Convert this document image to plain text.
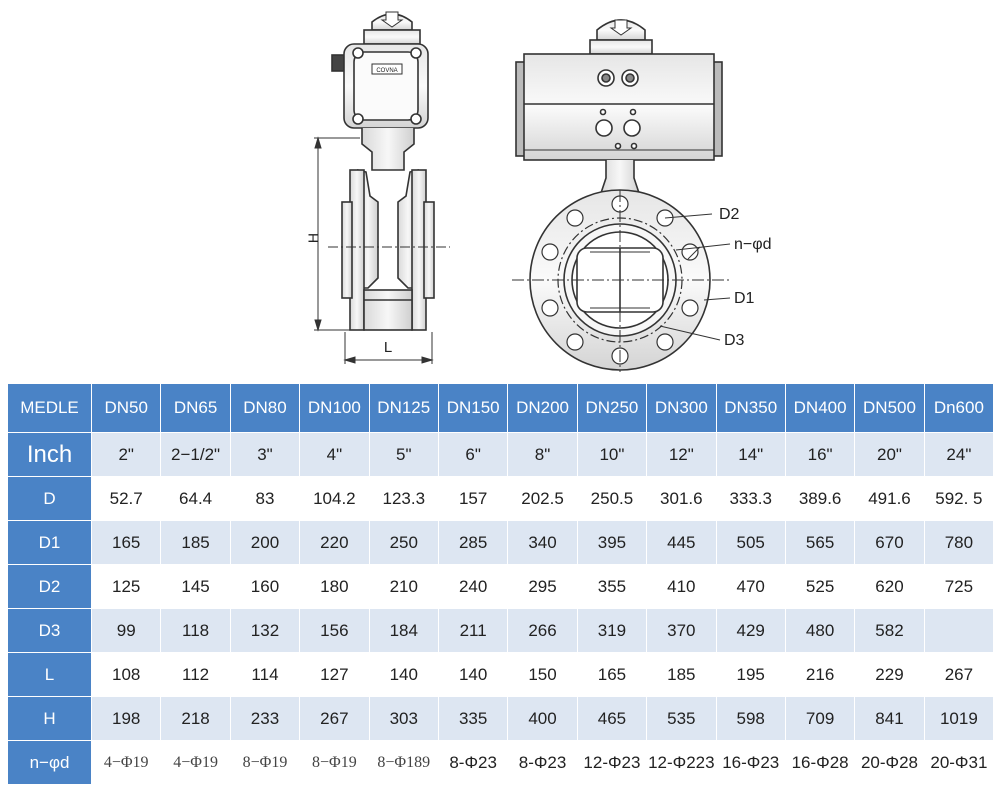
COVNA
H
L
D2
n−φd
D1
D3
MEDLE	DN50	DN65	DN80	DN100	DN125	DN150	DN200	DN250	DN300	DN350	DN400	DN500	Dn600
Inch	2"	2−1/2"	3"	4"	5"	6"	8"	10"	12"	14"	16"	20"	24"
D	52.7	64.4	83	104.2	123.3	157	202.5	250.5	301.6	333.3	389.6	491.6	592. 5
D1	165	185	200	220	250	285	340	395	445	505	565	670	780
D2	125	145	160	180	210	240	295	355	410	470	525	620	725
D3	99	118	132	156	184	211	266	319	370	429	480	582	
L	108	112	114	127	140	140	150	165	185	195	216	229	267
H	198	218	233	267	303	335	400	465	535	598	709	841	1019
n−φd	4−Φ19	4−Φ19	8−Φ19	8−Φ19	8−Φ189	8-Φ23	8-Φ23	12-Φ23	12-Φ223	16-Φ23	16-Φ28	20-Φ28	20-Φ31
